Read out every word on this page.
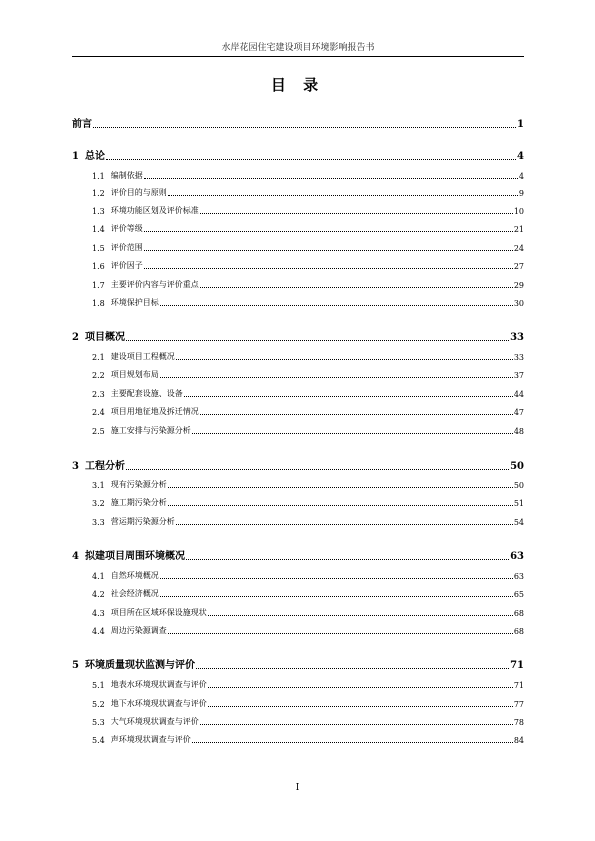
水岸花园住宅建设项目环境影响报告书
目 录
前言	1
1 总论	4
1.1 编制依据	4
1.2 评价目的与原则	9
1.3 环境功能区划及评价标准	10
1.4 评价等级	21
1.5 评价范围	24
1.6 评价因子	27
1.7 主要评价内容与评价重点	29
1.8 环境保护目标	30
2 项目概况	33
2.1 建设项目工程概况	33
2.2 项目规划布局	37
2.3 主要配套设施、设备	44
2.4 项目用地征地及拆迁情况	47
2.5 施工安排与污染源分析	48
3 工程分析	50
3.1 现有污染源分析	50
3.2 施工期污染分析	51
3.3 营运期污染源分析	54
4 拟建项目周围环境概况	63
4.1 自然环境概况	63
4.2 社会经济概况	65
4.3 项目所在区域环保设施现状	68
4.4 周边污染源调查	68
5 环境质量现状监测与评价	71
5.1 地表水环境现状调查与评价	71
5.2 地下水环境现状调查与评价	77
5.3 大气环境现状调查与评价	78
5.4 声环境现状调查与评价	84
I
